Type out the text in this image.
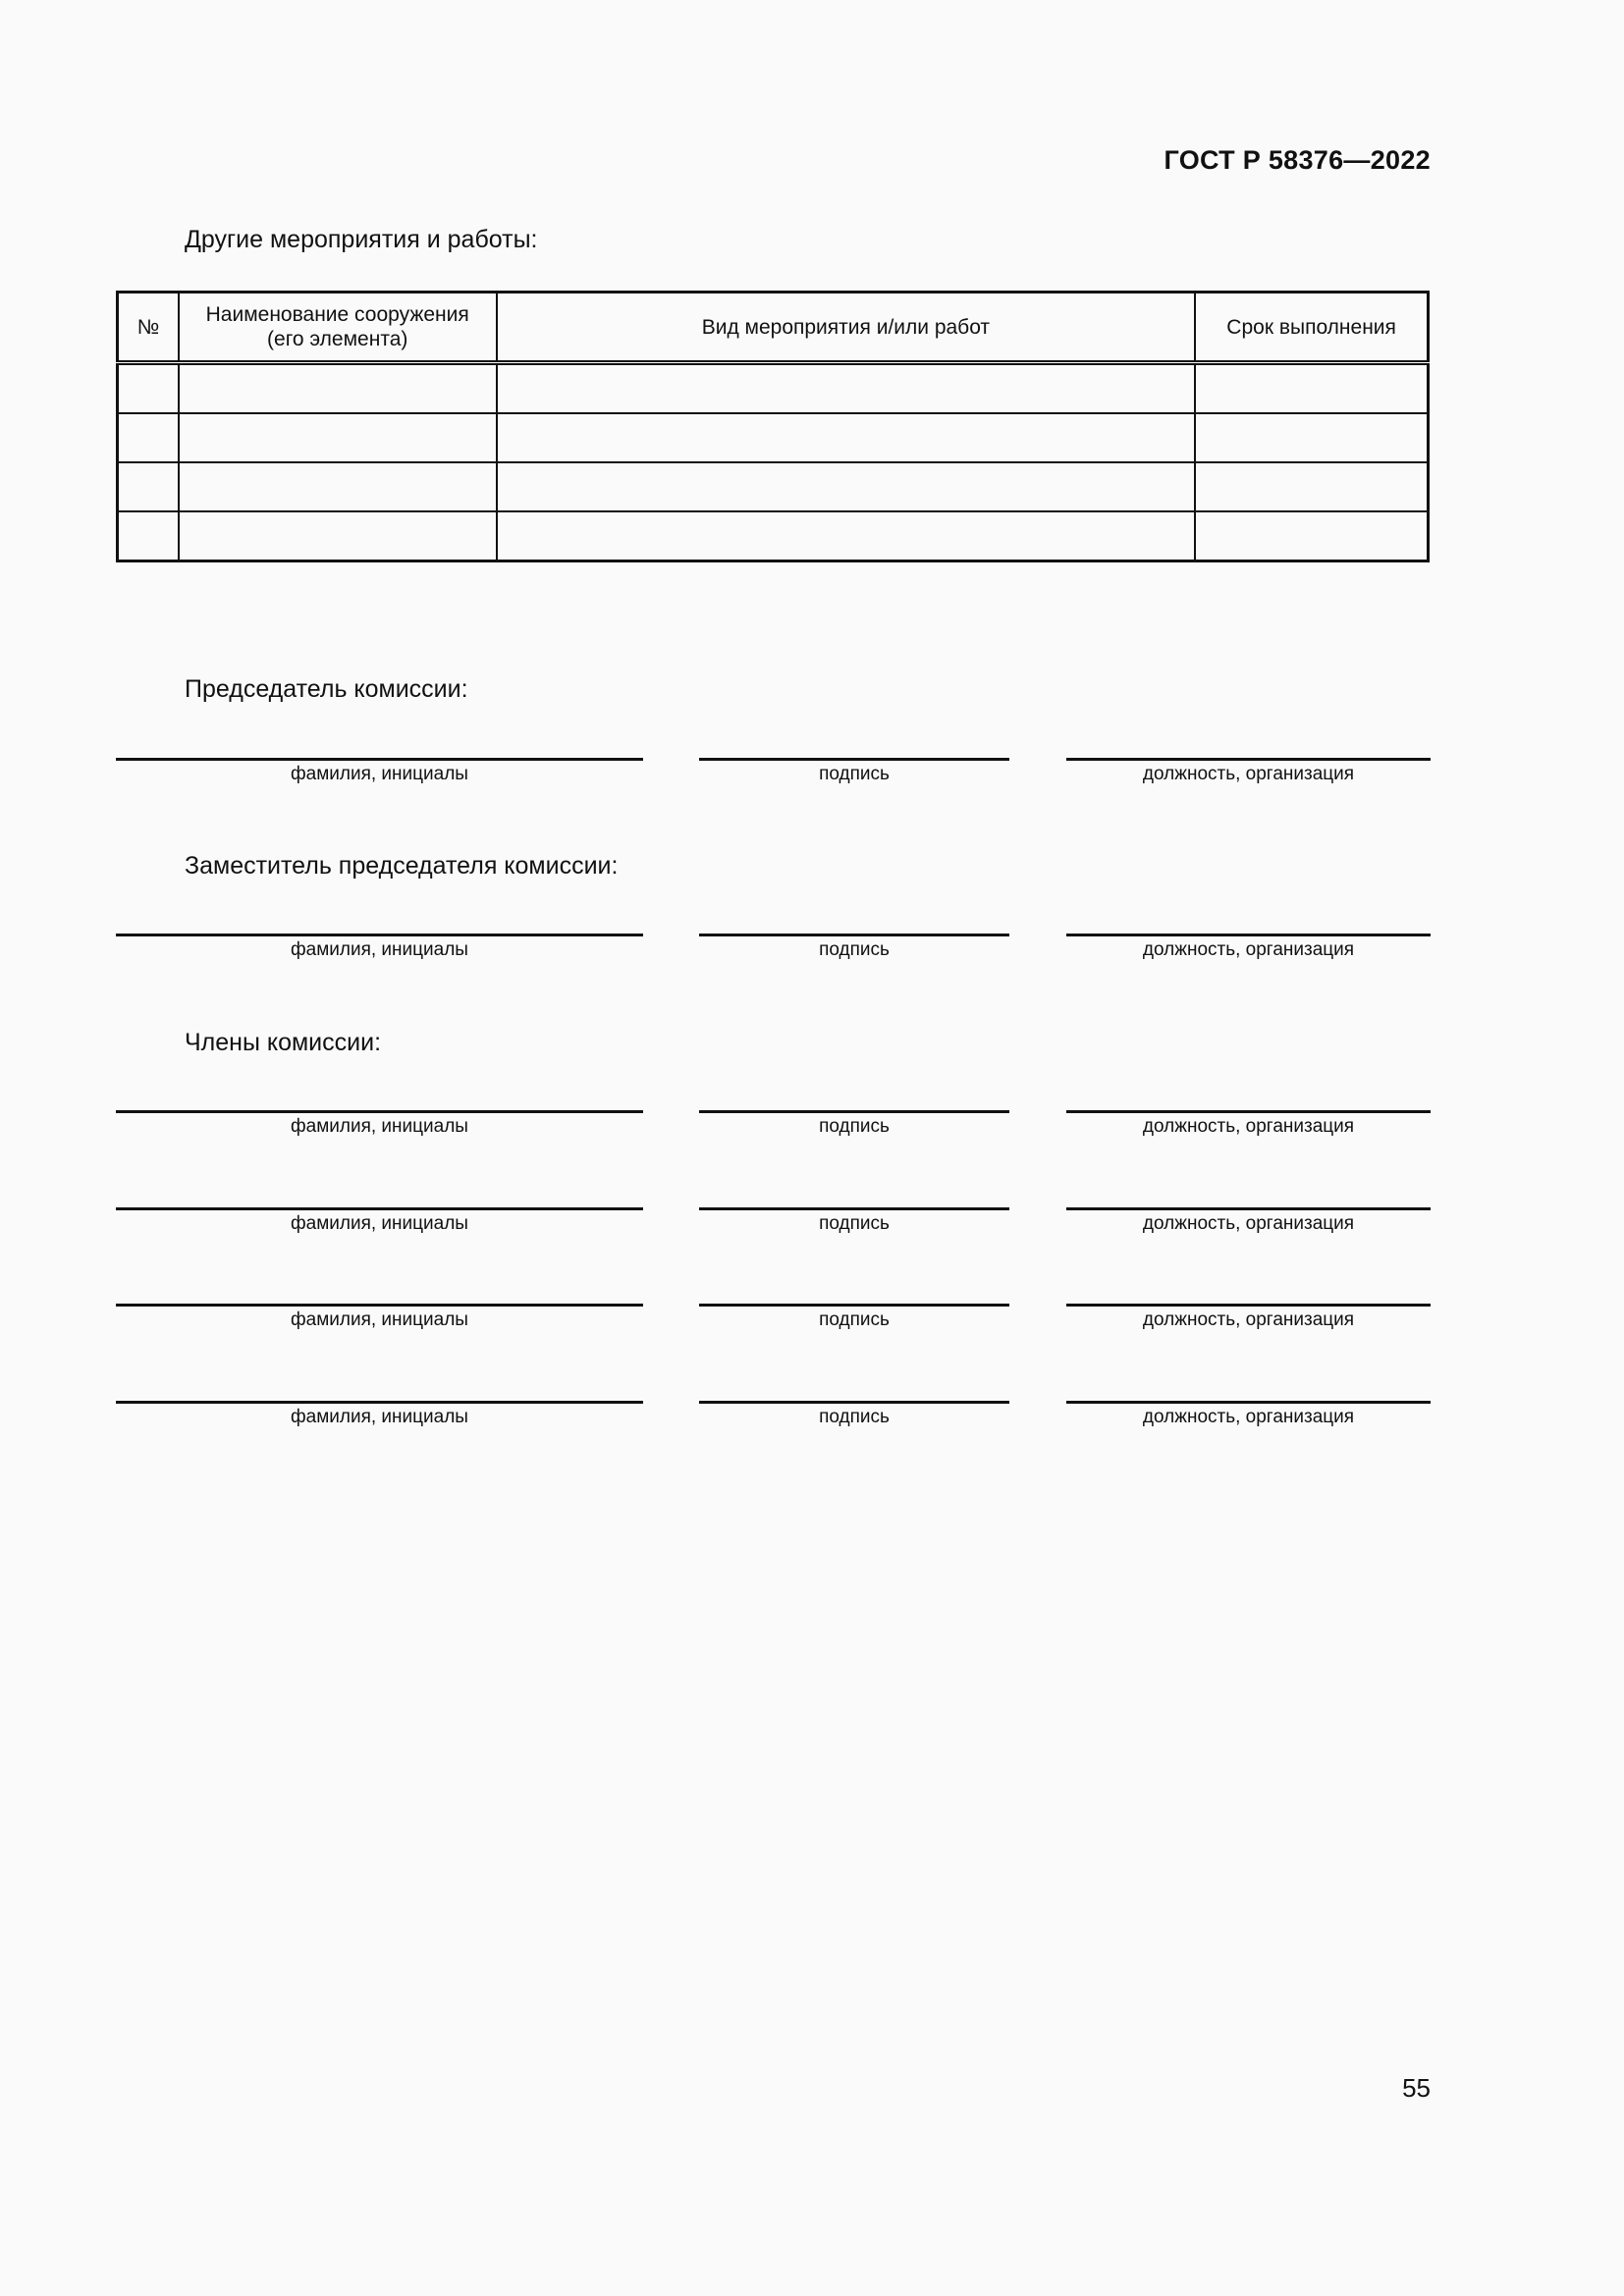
ГОСТ Р 58376—2022
Другие мероприятия и работы:
№	Наименование сооружения (его элемента)	Вид мероприятия и/или работ	Срок выполнения

Председатель комиссии:
фамилия, инициалы	подпись	должность, организация
Заместитель председателя комиссии:
фамилия, инициалы	подпись	должность, организация
Члены комиссии:
фамилия, инициалы	подпись	должность, организация
фамилия, инициалы	подпись	должность, организация
фамилия, инициалы	подпись	должность, организация
фамилия, инициалы	подпись	должность, организация
55
